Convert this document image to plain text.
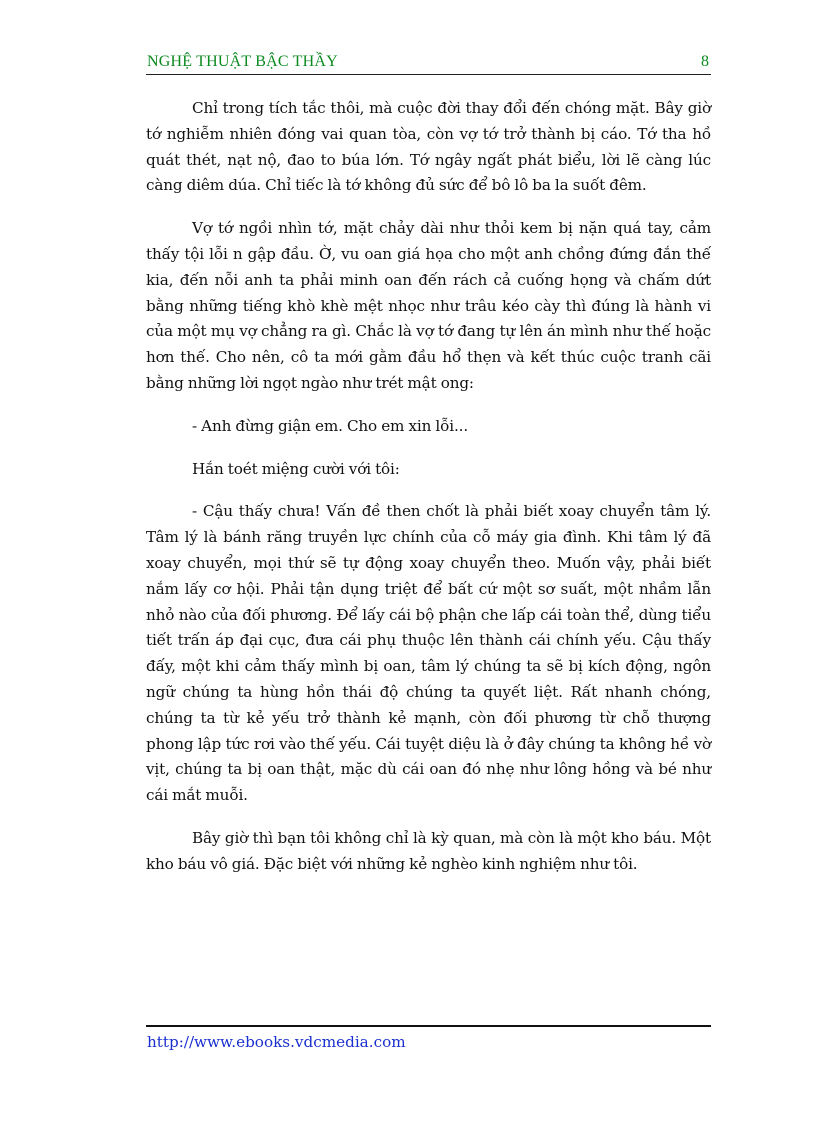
NGHỆ THUẬT BẬC THẦY	8

Chỉ trong tích tắc thôi, mà cuộc đời thay đổi đến chóng mặt. Bây giờ tớ nghiễm nhiên đóng vai quan tòa, còn vợ tớ trở thành bị cáo. Tớ tha hồ quát thét, nạt nộ, đao to búa lớn. Tớ ngây ngất phát biểu, lời lẽ càng lúc càng diêm dúa. Chỉ tiếc là tớ không đủ sức để bô lô ba la suốt đêm.

Vợ tớ ngồi nhìn tớ, mặt chảy dài như thỏi kem bị nặn quá tay, cảm thấy tội lỗi n gập đầu. Ờ, vu oan giá họa cho một anh chồng đứng đắn thế kia, đến nỗi anh ta phải minh oan đến rách cả cuống họng và chấm dứt bằng những tiếng khò khè mệt nhọc như trâu kéo cày thì đúng là hành vi của một mụ vợ chẳng ra gì. Chắc là vợ tớ đang tự lên án mình như thế hoặc hơn thế. Cho nên, cô ta mới gằm đầu hổ thẹn và kết thúc cuộc tranh cãi bằng những lời ngọt ngào như trét mật ong:

- Anh đừng giận em. Cho em xin lỗi...

Hắn toét miệng cười với tôi:

- Cậu thấy chưa! Vấn đề then chốt là phải biết xoay chuyển tâm lý. Tâm lý là bánh răng truyền lực chính của cỗ máy gia đình. Khi tâm lý đã xoay chuyển, mọi thứ sẽ tự động xoay chuyển theo. Muốn vậy, phải biết nắm lấy cơ hội. Phải tận dụng triệt để bất cứ một sơ suất, một nhầm lẫn nhỏ nào của đối phương. Để lấy cái bộ phận che lấp cái toàn thể, dùng tiểu tiết trấn áp đại cục, đưa cái phụ thuộc lên thành cái chính yếu. Cậu thấy đấy, một khi cảm thấy mình bị oan, tâm lý chúng ta sẽ bị kích động, ngôn ngữ chúng ta hùng hồn thái độ chúng ta quyết liệt. Rất nhanh chóng, chúng ta từ kẻ yếu trở thành kẻ mạnh, còn đối phương từ chỗ thượng phong lập tức rơi vào thế yếu. Cái tuyệt diệu là ở đây chúng ta không hề vờ vịt, chúng ta bị oan thật, mặc dù cái oan đó nhẹ như lông hồng và bé như cái mắt muỗi.

Bây giờ thì bạn tôi không chỉ là kỳ quan, mà còn là một kho báu. Một kho báu vô giá. Đặc biệt với những kẻ nghèo kinh nghiệm như tôi.

http://www.ebooks.vdcmedia.com
